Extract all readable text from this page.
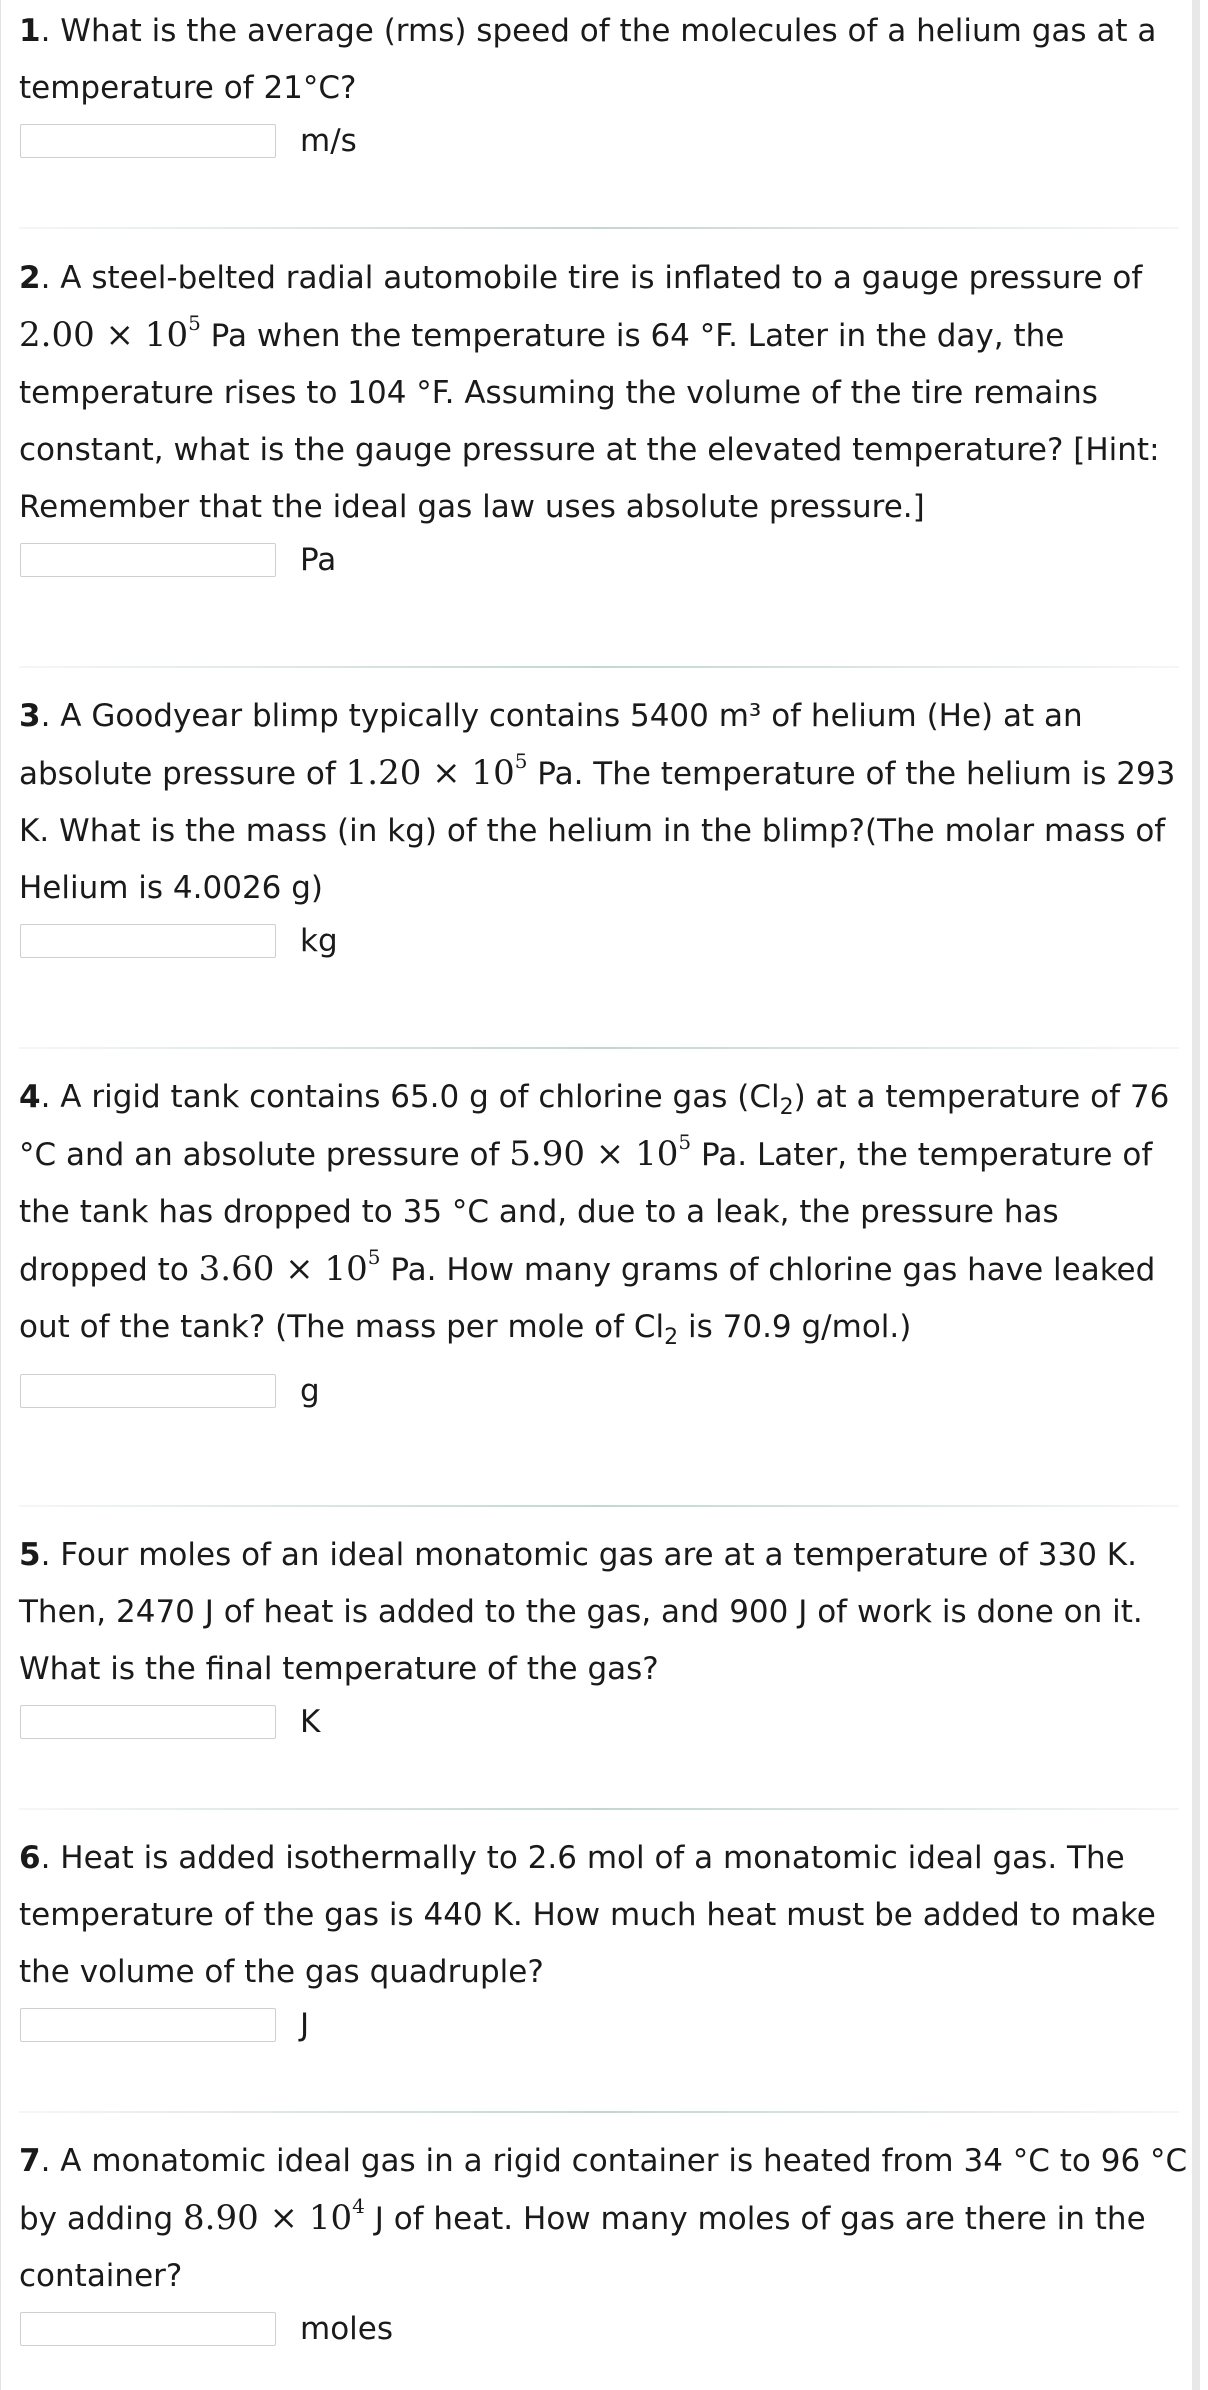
1. What is the average (rms) speed of the molecules of a helium gas at a temperature of 21°C?
m/s
2. A steel-belted radial automobile tire is inflated to a gauge pressure of
$2.00 \times 10^5$ Pa when the temperature is 64 °F. Later in the day, the temperature rises to 104 °F. Assuming the volume of the tire remains constant, what is the gauge pressure at the elevated temperature? [Hint: Remember that the ideal gas law uses absolute pressure.]
Pa
3. A Goodyear blimp typically contains 5400 m³ of helium (He) at an absolute pressure of $1.20 \times 10^5$ Pa. The temperature of the helium is 293 K. What is the mass (in kg) of the helium in the blimp?(The molar mass of Helium is 4.0026 g)
kg
4. A rigid tank contains 65.0 g of chlorine gas $(Cl_2)$ at a temperature of 76 °C and an absolute pressure of $5.90 \times 10^5$ Pa. Later, the temperature of the tank has dropped to 35 °C and, due to a leak, the pressure has dropped to $3.60 \times 10^5$ Pa. How many grams of chlorine gas have leaked out of the tank? (The mass per mole of $Cl_2$ is 70.9 g/mol.)
g
5. Four moles of an ideal monatomic gas are at a temperature of 330 K. Then, 2470 J of heat is added to the gas, and 900 J of work is done on it. What is the final temperature of the gas?
K
6. Heat is added isothermally to 2.6 mol of a monatomic ideal gas. The temperature of the gas is 440 K. How much heat must be added to make the volume of the gas quadruple?
J
7. A monatomic ideal gas in a rigid container is heated from 34 °C to 96 °C by adding $8.90 \times 10^4$ J of heat. How many moles of gas are there in the container?
moles
